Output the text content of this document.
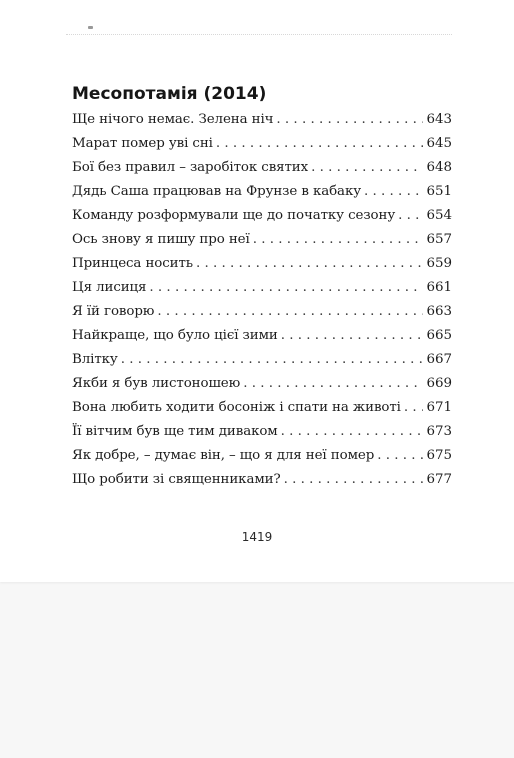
Месопотамія (2014)
Ще нічого немає. Зелена ніч . . .	643
Марат помер уві сні . . .	645
Бої без правил – заробіток святих . . .	648
Дядь Саша працював на Фрунзе в кабаку . . .	651
Команду розформували ще до початку сезону . . . 654
Ось знову я пишу про неї . . .	657
Принцеса носить . . .	659
Ця лисиця . . .	661
Я їй говорю . . .	663
Найкраще, що було цієї зими . . .	665
Влітку . . .	667
Якби я був листоношею . . .	669
Вона любить ходити босоніж і спати на животі . . . 671
Її вітчим був ще тим диваком . . .	673
Як добре, – думає він, – що я для неї помер . . .	675
Що робити зі священниками? . . .	677
1419
